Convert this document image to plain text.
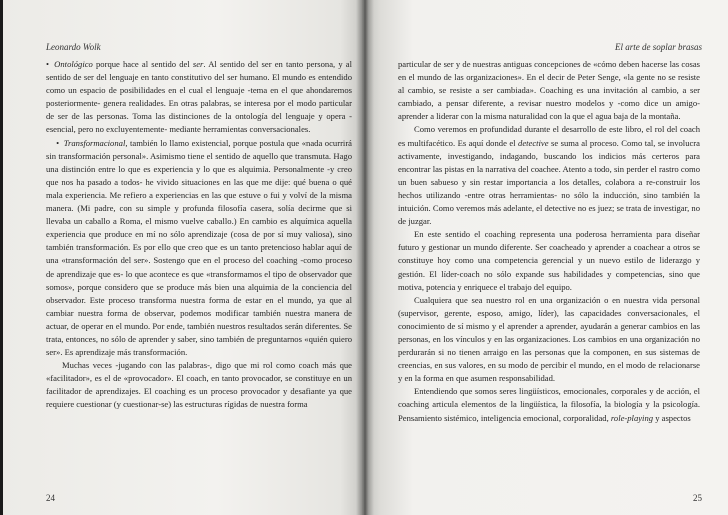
Leonardo Wolk

• Ontológico porque hace al sentido del ser. Al sentido del ser en tanto persona, y al sentido de ser del lenguaje en tanto constitutivo del ser humano. El mundo es entendido como un espacio de posibilidades en el cual el lenguaje -tema en el que ahondaremos posteriormente- genera realidades. En otras palabras, se interesa por el modo particular de ser de las personas. Toma las distinciones de la ontología del lenguaje y opera -esencial, pero no excluyentemente- mediante herramientas conversacionales.

• Transformacional, también lo llamo existencial, porque postula que «nada ocurrirá sin transformación personal». Asimismo tiene el sentido de aquello que transmuta. Hago una distinción entre lo que es experiencia y lo que es alquimia. Personalmente -y creo que nos ha pasado a todos- he vivido situaciones en las que me dije: qué buena o qué mala experiencia. Me refiero a experiencias en las que estuve o fui y volví de la misma manera. (Mi padre, con su simple y profunda filosofía casera, solía decirme que si llevaba un caballo a Roma, el mismo vuelve caballo.) En cambio es alquímica aquella experiencia que produce en mí no sólo aprendizaje (cosa de por sí muy valiosa), sino también transformación. Es por ello que creo que es un tanto pretencioso hablar aquí de una «transformación del ser». Sostengo que en el proceso del coaching -como proceso de aprendizaje que es- lo que acontece es que «transformamos el tipo de observador que somos», porque considero que se produce más bien una alquimia de la conciencia del observador. Este proceso transforma nuestra forma de estar en el mundo, ya que al cambiar nuestra forma de observar, podemos modificar también nuestra manera de actuar, de operar en el mundo. Por ende, también nuestros resultados serán diferentes. Se trata, entonces, no sólo de aprender y saber, sino también de preguntarnos «quién quiero ser». Es aprendizaje más transformación.

Muchas veces -jugando con las palabras-, digo que mi rol como coach más que «facilitador», es el de «provocador». El coach, en tanto provocador, se constituye en un facilitador de aprendizajes. El coaching es un proceso provocador y desafiante ya que requiere cuestionar (y cuestionar-se) las estructuras rígidas de nuestra forma

24
El arte de soplar brasas

particular de ser y de nuestras antiguas concepciones de «cómo deben hacerse las cosas en el mundo de las organizaciones». En el decir de Peter Senge, «la gente no se resiste al cambio, se resiste a ser cambiada». Coaching es una invitación al cambio, a ser cambiado, a pensar diferente, a revisar nuestro modelos y -como dice un amigo- aprender a liderar con la misma naturalidad con la que el agua baja de la montaña.

Como veremos en profundidad durante el desarrollo de este libro, el rol del coach es multifacético. Es aquí donde el detective se suma al proceso. Como tal, se involucra activamente, investigando, indagando, buscando los indicios más certeros para encontrar las pistas en la narrativa del coachee. Atento a todo, sin perder el rastro como un buen sabueso y sin restar importancia a los detalles, colabora a re-construir los hechos utilizando -entre otras herramientas- no sólo la inducción, sino también la intuición. Como veremos más adelante, el detective no es juez; se trata de investigar, no de juzgar.

En este sentido el coaching representa una poderosa herramienta para diseñar futuro y gestionar un mundo diferente. Ser coacheado y aprender a coachear a otros se constituye hoy como una competencia gerencial y un nuevo estilo de liderazgo y gestión. El líder-coach no sólo expande sus habilidades y competencias, sino que motiva, potencia y enriquece el trabajo del equipo.

Cualquiera que sea nuestro rol en una organización o en nuestra vida personal (supervisor, gerente, esposo, amigo, líder), las capacidades conversacionales, el conocimiento de sí mismo y el aprender a aprender, ayudarán a generar cambios en las personas, en los vínculos y en las organizaciones. Los cambios en una organización no perdurarán si no tienen arraigo en las personas que la componen, en sus sistemas de creencias, en sus valores, en su modo de percibir el mundo, en el modo de relacionarse y en la forma en que asumen responsabilidad.

Entendiendo que somos seres lingüísticos, emocionales, corporales y de acción, el coaching articula elementos de la lingüística, la filosofía, la biología y la psicología. Pensamiento sistémico, inteligencia emocional, corporalidad, role-playing y aspectos

25
